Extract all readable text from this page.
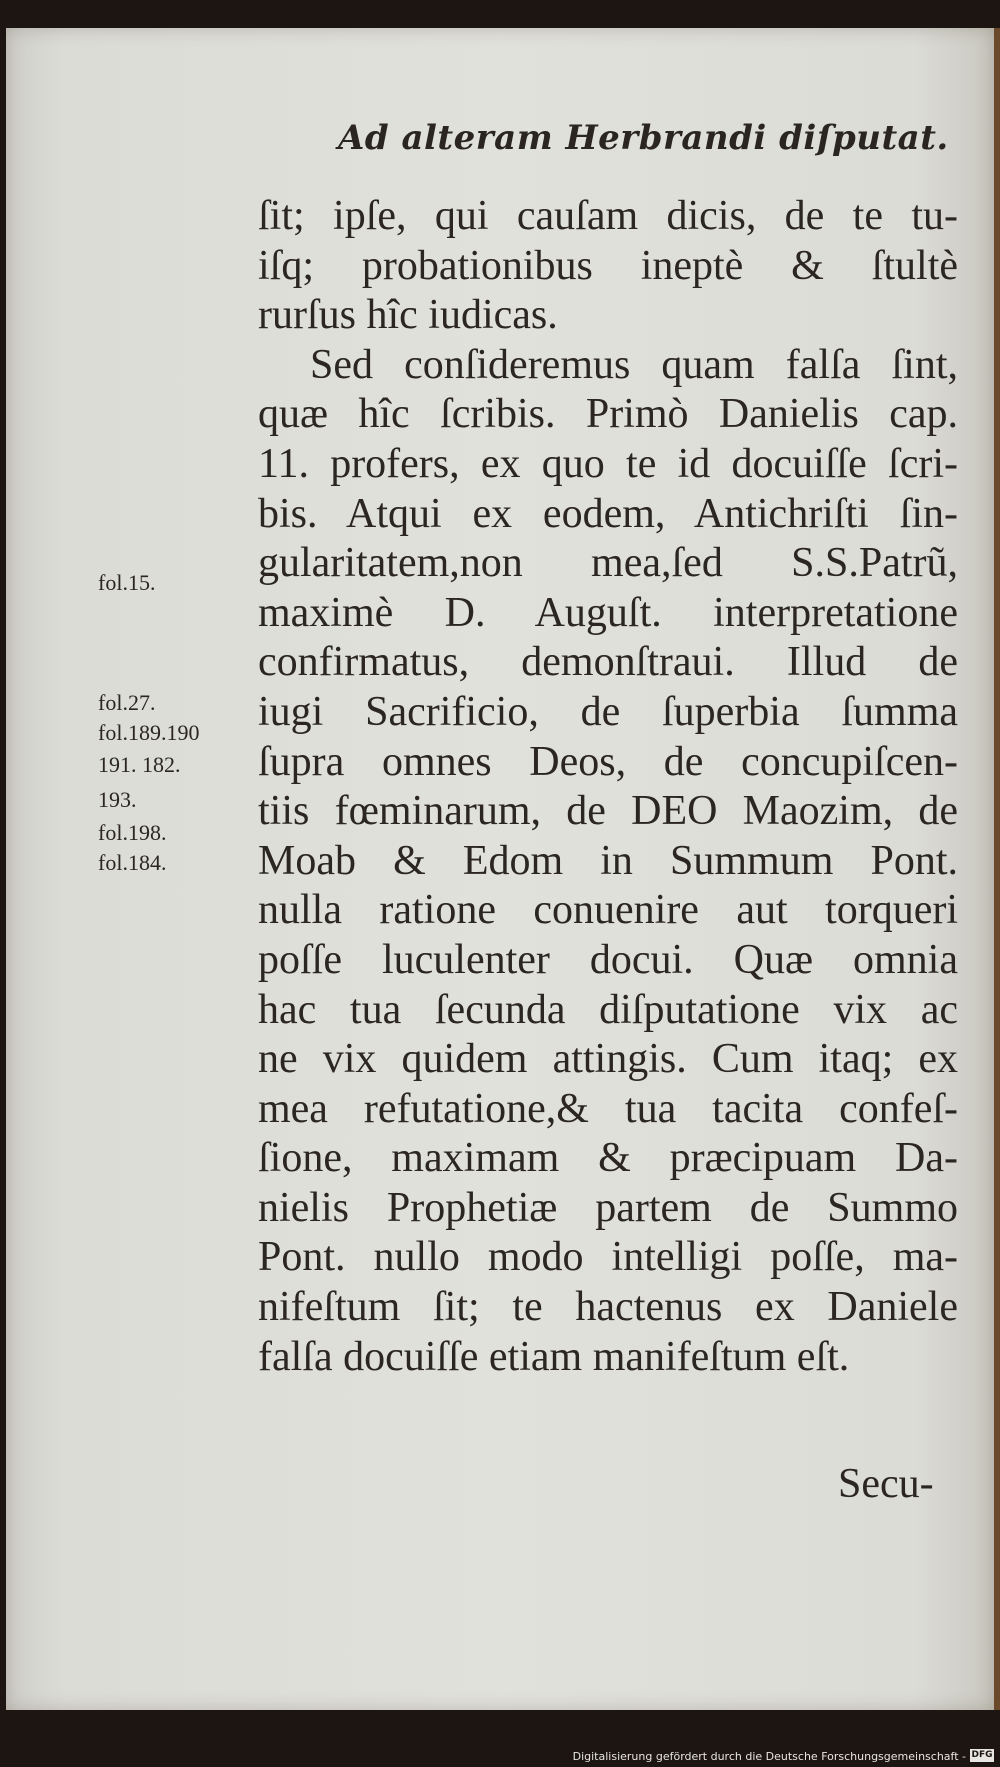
Ad alteram Herbrandi diſputat.
ſit; ipſe, qui cauſam dicis, de te tu-
iſq; probationibus ineptè & ſtultè
rurſus hîc iudicas.
Sed conſideremus quam falſa ſint,
quæ hîc ſcribis. Primò Danielis cap.
11. profers, ex quo te id docuiſſe ſcri-
bis. Atqui ex eodem, Antichriſti ſin-
gularitatem,non mea,ſed S.S.Patrũ,
maximè D. Auguſt. interpretatione
confirmatus, demonſtraui. Illud de
iugi Sacrificio, de ſuperbia ſumma
ſupra omnes Deos, de concupiſcen-
tiis fœminarum, de DEO Maozim, de
Moab & Edom in Summum Pont.
nulla ratione conuenire aut torqueri
poſſe luculenter docui. Quæ omnia
hac tua ſecunda diſputatione vix ac
ne vix quidem attingis. Cum itaq; ex
mea refutatione,& tua tacita confeſ-
ſione, maximam & præcipuam Da-
nielis Prophetiæ partem de Summo
Pont. nullo modo intelligi poſſe, ma-
nifeſtum ſit; te hactenus ex Daniele
falſa docuiſſe etiam manifeſtum eſt.
Secu-
fol.15.
fol.27.
fol.189.190
191. 182.
193.
fol.198.
fol.184.
Digitalisierung gefördert durch die Deutsche Forschungsgemeinschaft - DFG
